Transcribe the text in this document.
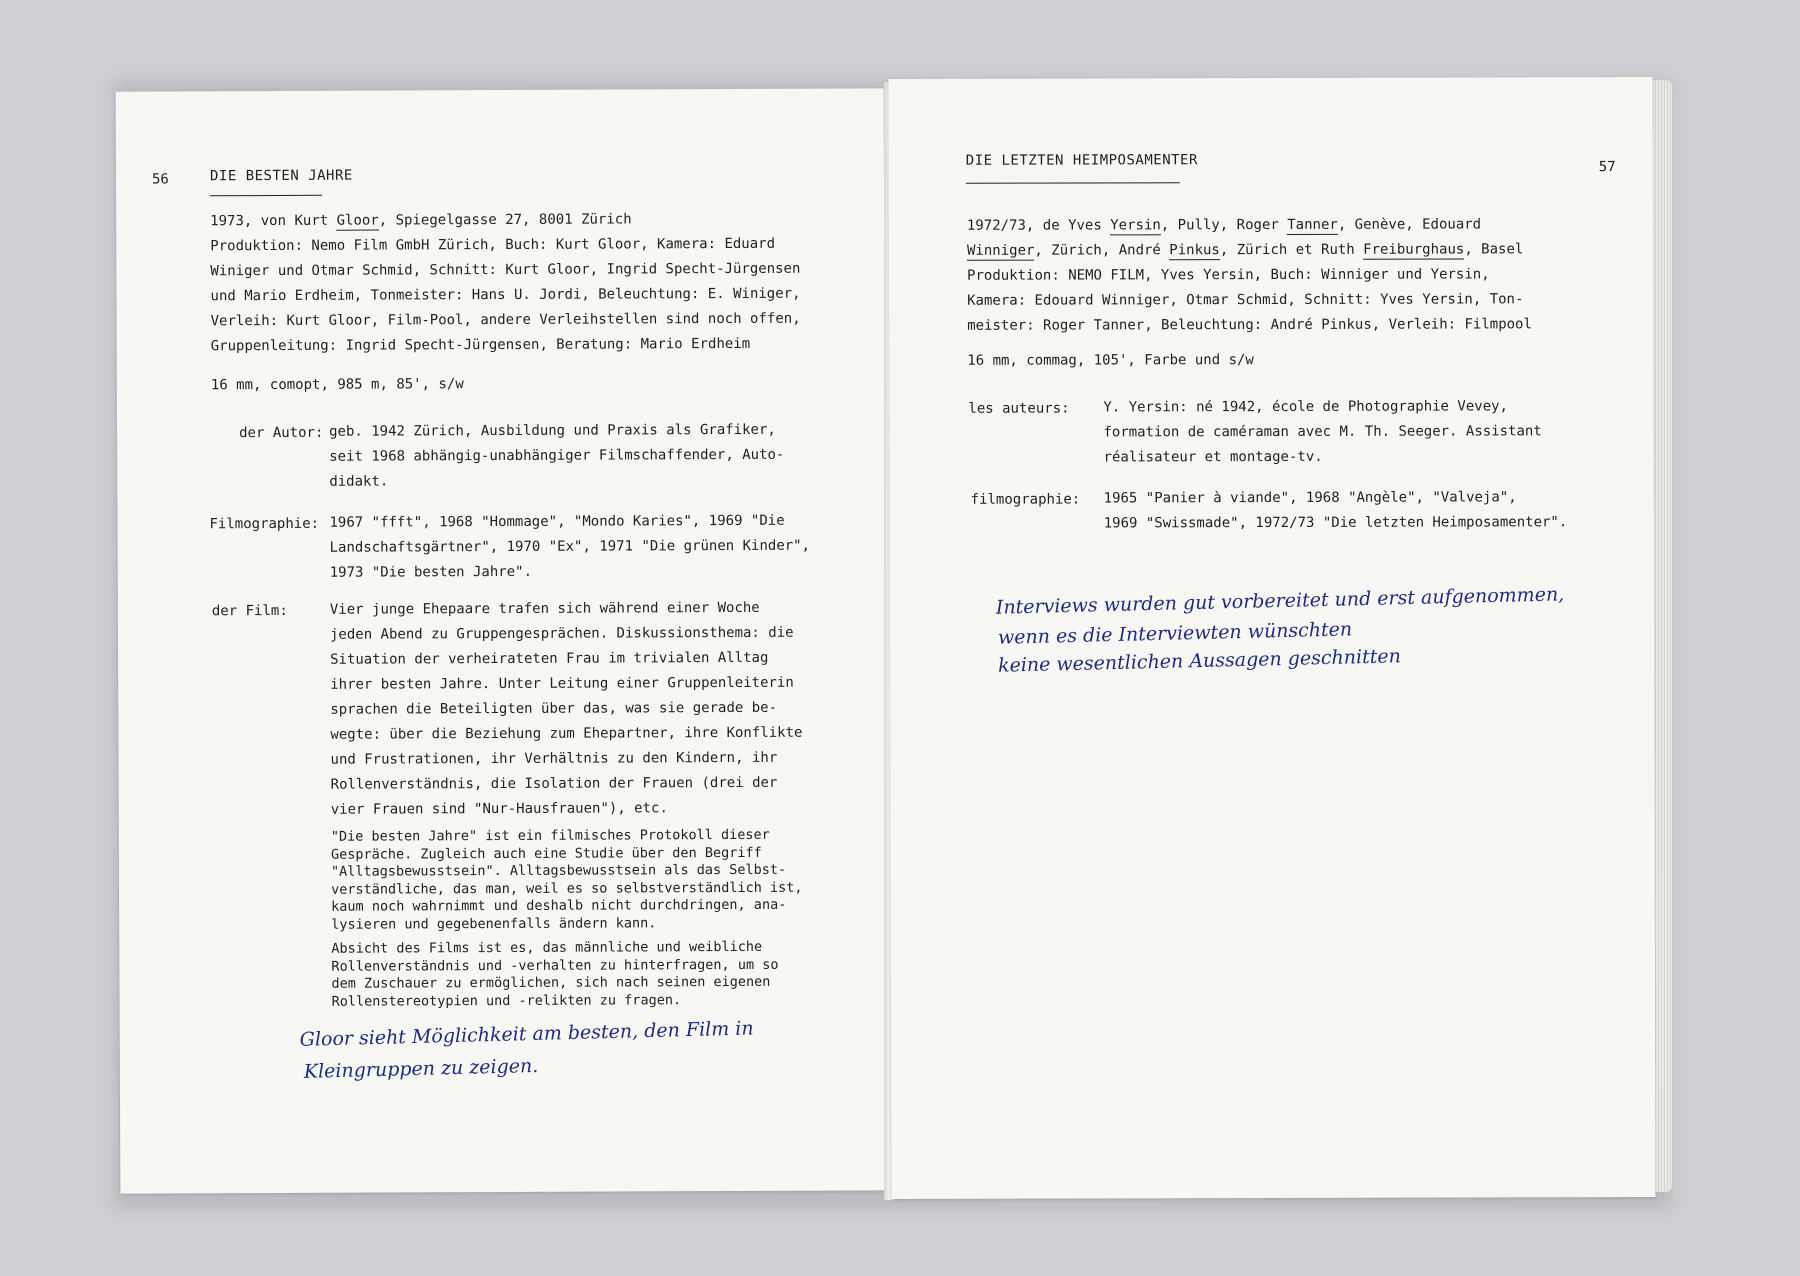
56	DIE BESTEN JAHRE
1973, von Kurt Gloor, Spiegelgasse 27, 8001 Zürich
Produktion: Nemo Film GmbH Zürich, Buch: Kurt Gloor, Kamera: Eduard
Winiger und Otmar Schmid, Schnitt: Kurt Gloor, Ingrid Specht-Jürgensen
und Mario Erdheim, Tonmeister: Hans U. Jordi, Beleuchtung: E. Winiger,
Verleih: Kurt Gloor, Film-Pool, andere Verleihstellen sind noch offen,
Gruppenleitung: Ingrid Specht-Jürgensen, Beratung: Mario Erdheim
16 mm, comopt, 985 m, 85', s/w
der Autor: geb. 1942 Zürich, Ausbildung und Praxis als Grafiker,
seit 1968 abhängig-unabhängiger Filmschaffender, Auto-
didakt.
Filmographie: 1967 "ffft", 1968 "Hommage", "Mondo Karies", 1969 "Die
Landschaftsgärtner", 1970 "Ex", 1971 "Die grünen Kinder",
1973 "Die besten Jahre".
der Film:	Vier junge Ehepaare trafen sich während einer Woche
jeden Abend zu Gruppengesprächen. Diskussionsthema: die
Situation der verheirateten Frau im trivialen Alltag
ihrer besten Jahre. Unter Leitung einer Gruppenleiterin
sprachen die Beteiligten über das, was sie gerade be-
wegte: über die Beziehung zum Ehepartner, ihre Konflikte
und Frustrationen, ihr Verhältnis zu den Kindern, ihr
Rollenverständnis, die Isolation der Frauen (drei der
vier Frauen sind "Nur-Hausfrauen"), etc.
"Die besten Jahre" ist ein filmisches Protokoll dieser
Gespräche. Zugleich auch eine Studie über den Begriff
"Alltagsbewusstsein". Alltagsbewusstsein als das Selbst-
verständliche, das man, weil es so selbstverständlich ist,
kaum noch wahrnimmt und deshalb nicht durchdringen, ana-
lysieren und gegebenenfalls ändern kann.
Absicht des Films ist es, das männliche und weibliche
Rollenverständnis und -verhalten zu hinterfragen, um so
dem Zuschauer zu ermöglichen, sich nach seinen eigenen
Rollenstereotypien und -relikten zu fragen.
Gloor sieht Möglichkeit am besten, den Film in
Kleingruppen zu zeigen.
DIE LETZTEN HEIMPOSAMENTER	57
1972/73, de Yves Yersin, Pully, Roger Tanner, Genève, Edouard
Winniger, Zürich, André Pinkus, Zürich et Ruth Freiburghaus, Basel
Produktion: NEMO FILM, Yves Yersin, Buch: Winniger und Yersin,
Kamera: Edouard Winniger, Otmar Schmid, Schnitt: Yves Yersin, Ton-
meister: Roger Tanner, Beleuchtung: André Pinkus, Verleih: Filmpool
16 mm, commag, 105', Farbe und s/w
les auteurs: Y. Yersin: né 1942, école de Photographie Vevey,
formation de caméraman avec M. Th. Seeger. Assistant
réalisateur et montage-tv.
filmographie: 1965 "Panier à viande", 1968 "Angèle", "Valveja",
1969 "Swissmade", 1972/73 "Die letzten Heimposamenter".
Interviews wurden gut vorbereitet und erst aufgenommen,
wenn es die Interviewten wünschten
keine wesentlichen Aussagen geschnitten
